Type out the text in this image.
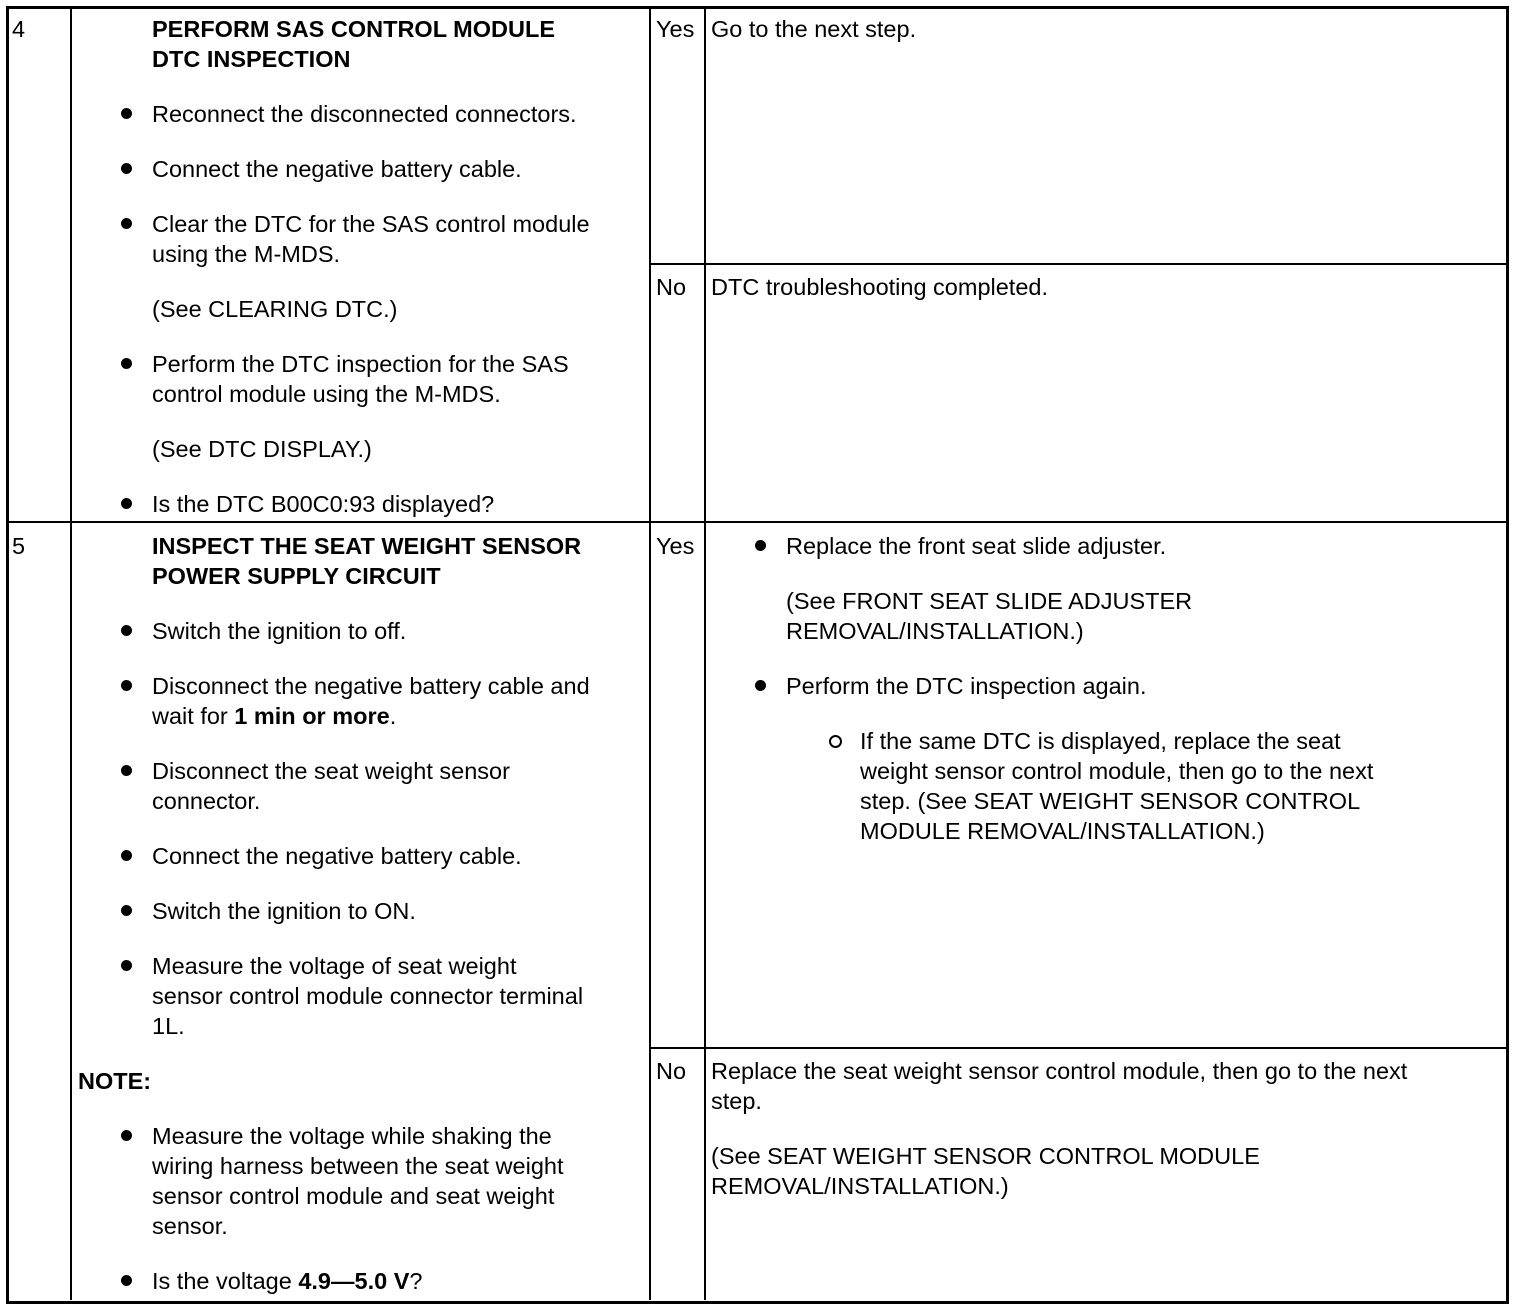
4	PERFORM SAS CONTROL MODULE
DTC INSPECTION
Reconnect the disconnected connectors.
Connect the negative battery cable.
Clear the DTC for the SAS control module
using the M-MDS.
(See CLEARING DTC.)
Perform the DTC inspection for the SAS
control module using the M-MDS.
(See DTC DISPLAY.)
Is the DTC B00C0:93 displayed?
Yes Go to the next step.
No DTC troubleshooting completed.
5	INSPECT THE SEAT WEIGHT SENSOR
POWER SUPPLY CIRCUIT
Switch the ignition to off.
Disconnect the negative battery cable and
wait for 1 min or more.
Disconnect the seat weight sensor
connector.
Connect the negative battery cable.
Switch the ignition to ON.
Measure the voltage of seat weight
sensor control module connector terminal
1L.
NOTE:
Measure the voltage while shaking the
wiring harness between the seat weight
sensor control module and seat weight
sensor.
Is the voltage 4.9—5.0 V?
Yes	Replace the front seat slide adjuster.
(See FRONT SEAT SLIDE ADJUSTER
REMOVAL/INSTALLATION.)
Perform the DTC inspection again.
If the same DTC is displayed, replace the seat
weight sensor control module, then go to the next
step. (See SEAT WEIGHT SENSOR CONTROL
MODULE REMOVAL/INSTALLATION.)
No Replace the seat weight sensor control module, then go to the next
step.
(See SEAT WEIGHT SENSOR CONTROL MODULE
REMOVAL/INSTALLATION.)
